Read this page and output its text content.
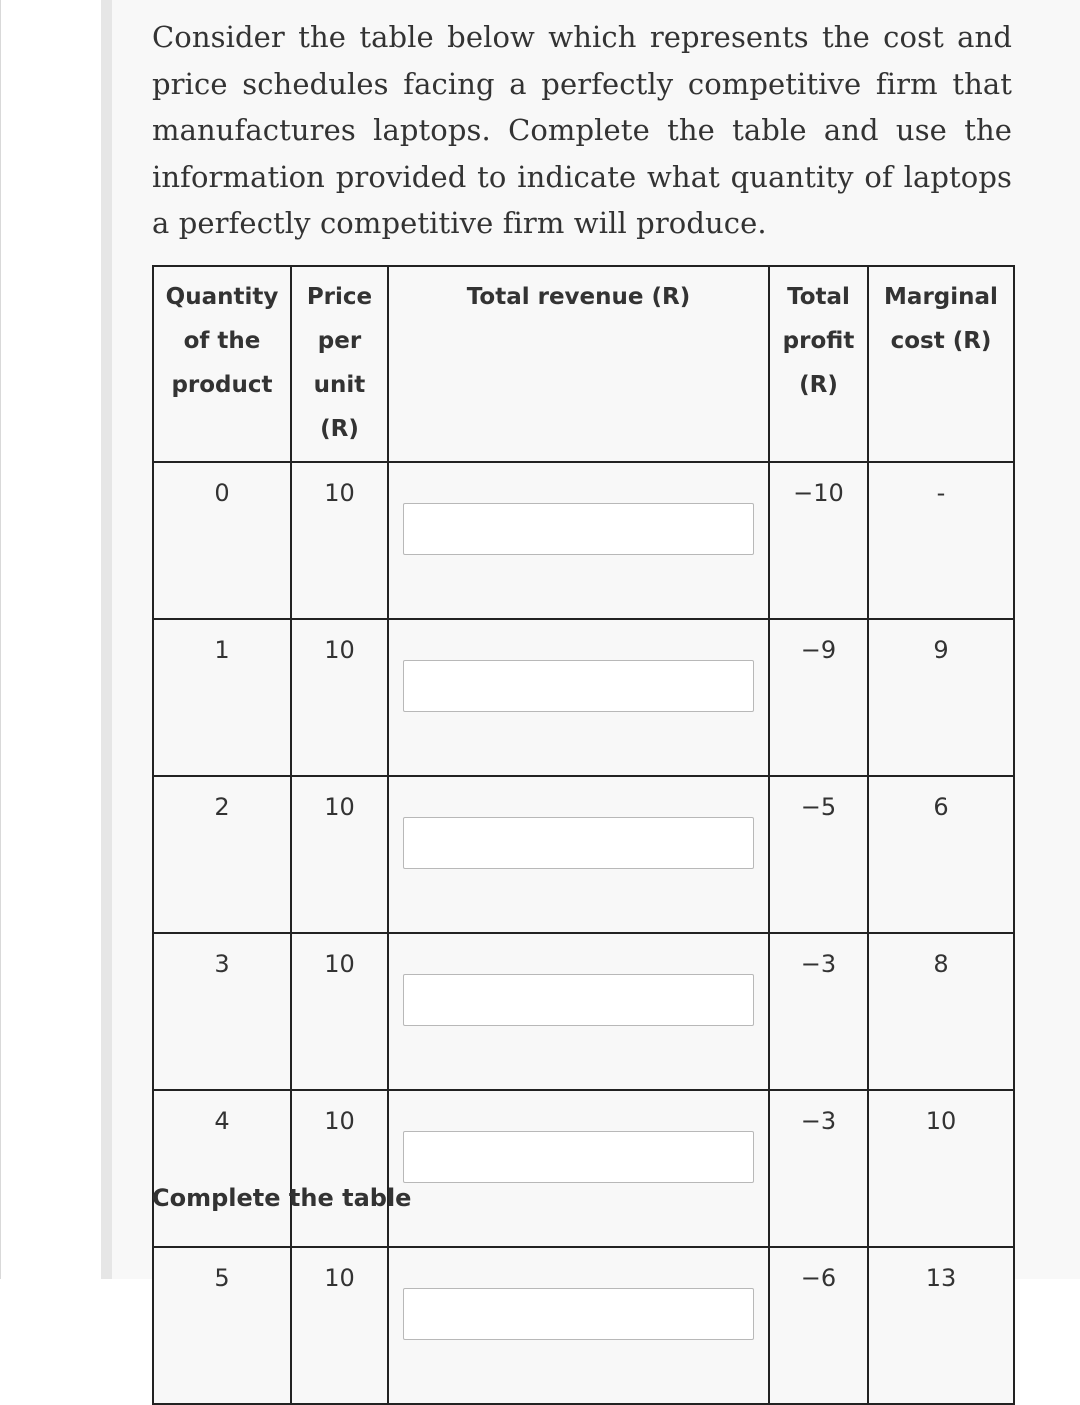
Consider the table below which represents the cost and price schedules facing a perfectly competitive firm that manufactures laptops. Complete the table and use the information provided to indicate what quantity of laptops a perfectly competitive firm will produce.

Quantity of the product	Price per unit (R)	Total revenue (R)	Total profit (R)	Marginal cost (R)
0	10		−10	-
1	10		−9	9
2	10		−5	6
3	10		−3	8
4	10		−3	10
5	10		−6	13

Complete the table
